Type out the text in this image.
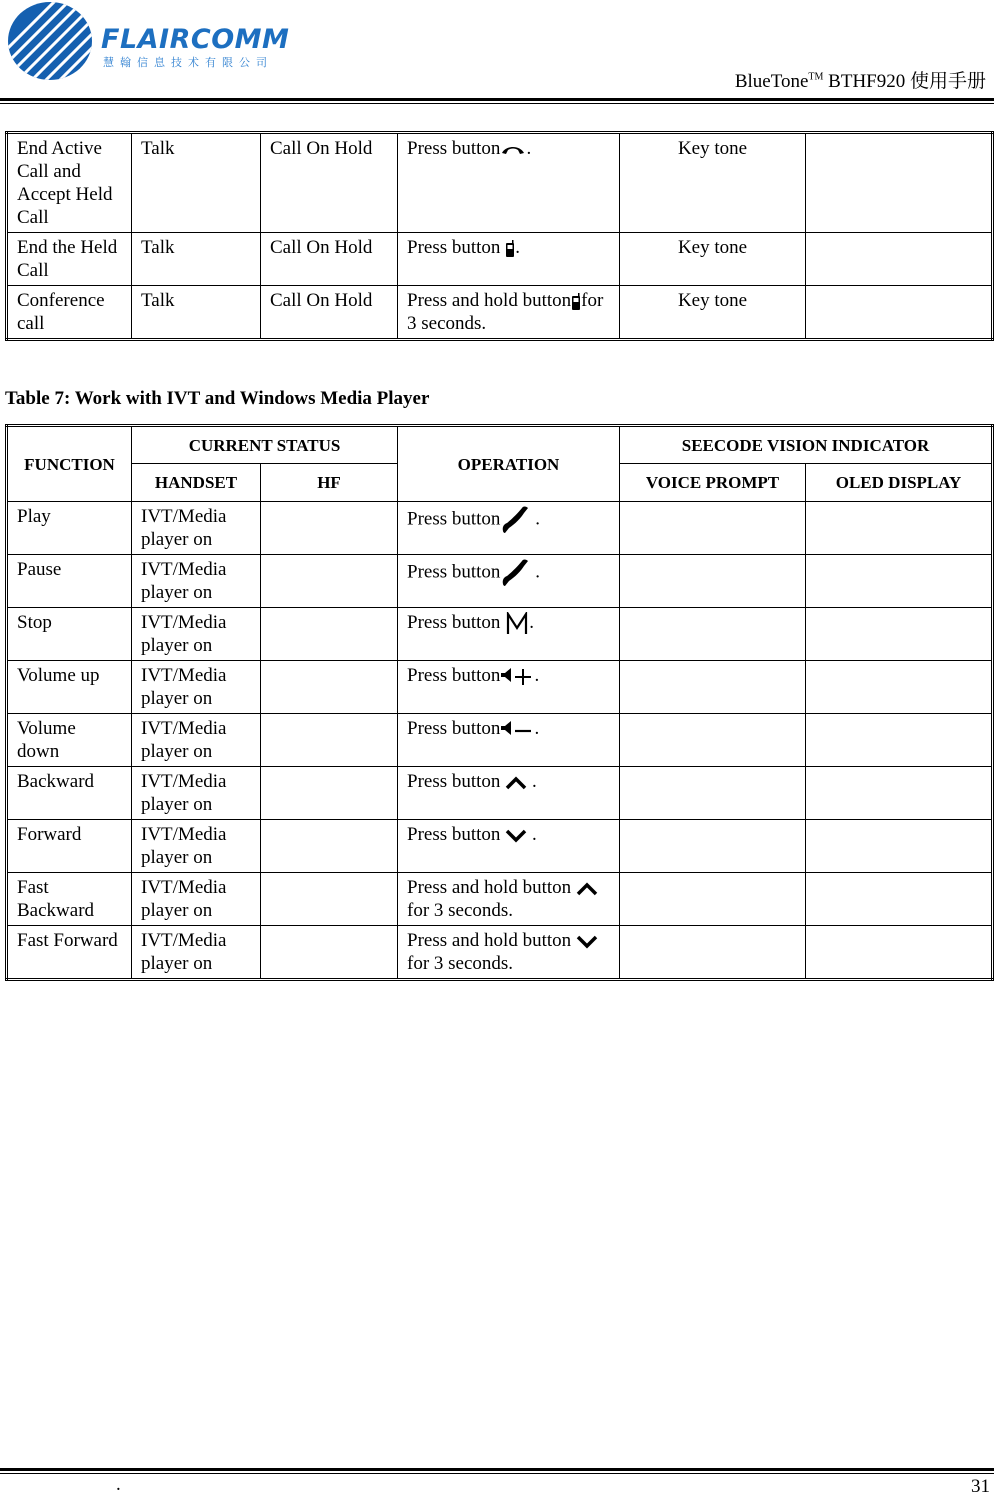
FLAIRCOMM
慧翰信息技术有限公司
BlueTone™ BTHF920 使用手册
End Active Call and Accept Held Call	Talk	Call On Hold	Press button .	Key tone	
End the Held Call	Talk	Call On Hold	Press button .	Key tone	
Conference call	Talk	Call On Hold	Press and hold button for 3 seconds.	Key tone	
Table 7: Work with IVT and Windows Media Player
FUNCTION	CURRENT STATUS		OPERATION	SEECODE VISION INDICATOR	
	HANDSET	HF		VOICE PROMPT	OLED DISPLAY
Play	IVT/Media player on		Press button .		
Pause	IVT/Media player on		Press button .		
Stop	IVT/Media player on		Press button .		
Volume up	IVT/Media player on		Press button .		
Volume down	IVT/Media player on		Press button .		
Backward	IVT/Media player on		Press button .		
Forward	IVT/Media player on		Press button .		
Fast Backward	IVT/Media player on		Press and hold button  for 3 seconds.		
Fast Forward	IVT/Media player on		Press and hold button  for 3 seconds.		
.	31
